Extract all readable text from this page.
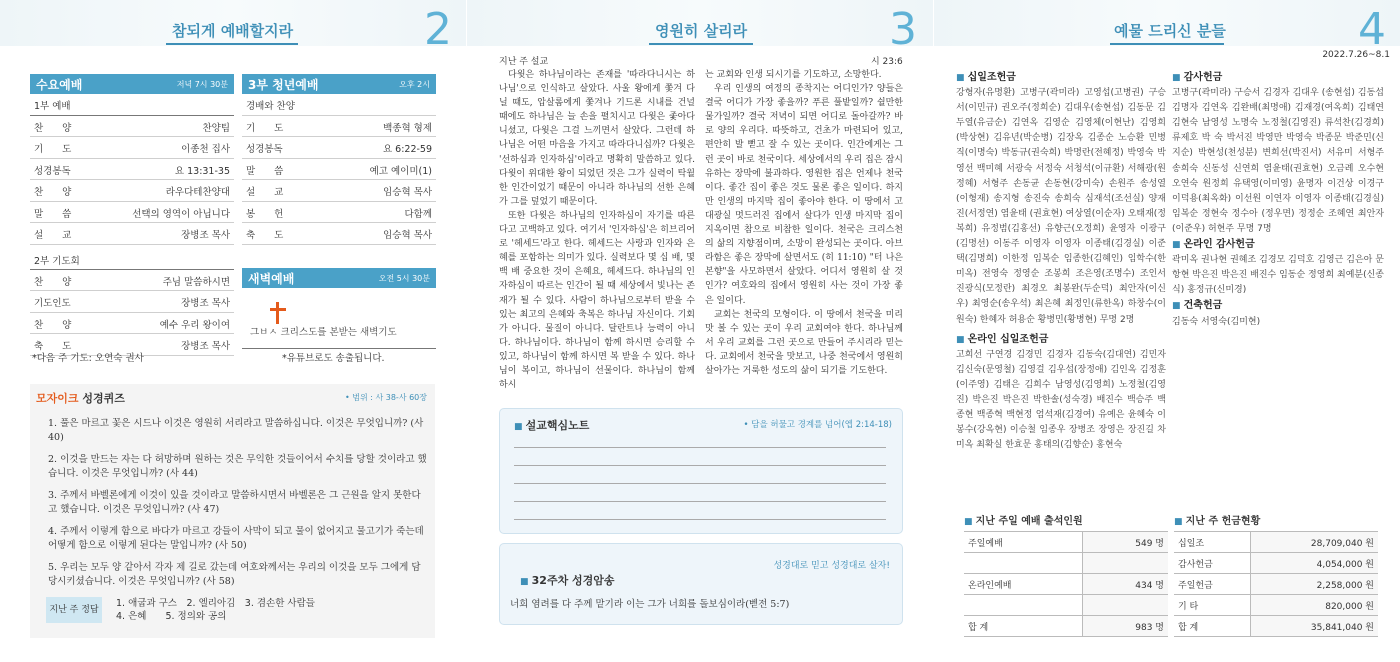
참되게 예배할지라	2
수요예배	저녁 7시 30분
1부 예배
찬　　양	찬양팀
기　　도	이종천 집사
성경봉독	요 13:31-35
찬　　양	라우다테찬양대
말　　씀	선택의 영역이 아닙니다
설　　교	장병조 목사
2부 기도회
찬　　양	주님 말씀하시면
기도인도	장병조 목사
찬　　양	예수 우리 왕이여
축　　도	장병조 목사
*다음 주 기도: 오연숙 권사
3부 청년예배	오후 2시
경배와 찬양
기　　도	백종혁 형제
성경봉독	요 6:22-59
말　　씀	예고 예이미(1)
설　　교	임승혁 목사
봉　　헌	다함께
축　　도	임승혁 목사
새벽예배	오전 5시 30분
그ㅂㅅ 크리스도를 본받는 새벽기도
*유튜브로도 송출됩니다.
모자이크 성경퀴즈	• 범위 : 사 38-사 60장
1. 풀은 마르고 꽃은 시드나 이것은 영원히 서리라고 말씀하십니다. 이것은 무엇입니까? (사 40)
2. 이것을 만드는 자는 다 허망하며 원하는 것은 무익한 것들이어서 수치를 당할 것이라고 했습니다. 이것은 무엇입니까? (사 44)
3. 주께서 바벨론에게 이것이 있을 것이라고 말씀하시면서 바벨론은 그 근원을 알지 못한다고 했습니다. 이것은 무엇입니까? (사 47)
4. 주께서 이렇게 함으로 바다가 마르고 강들이 사막이 되고 물이 없어지고 물고기가 죽는데 어떻게 함으로 이렇게 된다는 말입니까? (사 50)
5. 우리는 모두 양 같아서 각자 제 길로 갔는데 여호와께서는 우리의 이것을 모두 그에게 담당시키셨습니다. 이것은 무엇입니까? (사 58)
지난 주 정답
1. 애굽과 구스　2. 엘리아김　3. 겸손한 사람들
4. 은혜　　5. 정의와 공의
영원히 살리라	3
지난 주 설교	시 23:6

다윗은 하나님이라는 존재를 '따라다니시는 하나님'으로 인식하고 살았다. 사울 왕에게 쫓겨 다닐 때도, 압살롬에게 쫓겨나 기드론 시내를 건널 때에도 하나님은 늘 손을 펼치시고 다윗은 좇아다니셨고, 다윗은 그걸 느끼면서 살았다. 그런데 하나님은 어떤 마음을 가지고 따라다니십까? 다윗은 '선하심과 인자하심'이라고 명확히 말씀하고 있다. 다윗이 위대한 왕이 되었던 것은 그가 실력이 탁월한 인간이었기 때문이 아니라 하나님의 선한 은혜가 그를 덮었기 때문이다.

또한 다윗은 하나님의 인자하심이 자기를 따른다고 고백하고 있다. 여기서 '인자하심'은 히브리어로 '헤세드'라고 한다. 헤세드는 사랑과 인자와 은혜를 포함하는 의미가 있다. 실력보다 몇 십 배, 몇 백 배 중요한 것이 은혜요, 헤세드다. 하나님의 인자하심이 따르는 인간이 될 때 세상에서 빛나는 존재가 될 수 있다. 사람이 하나님으로부터 받을 수 있는 최고의 은혜와 축복은 하나님 자신이다. 기회가 아니다. 물질이 아니다. 달란트나 능력이 아니다. 하나님이다. 하나님이 함께 하시면 승리할 수 있고, 하나님이 함께 하시면 복 받을 수 있다. 하나님이 복이고, 하나님이 선물이다. 하나님이 함께 하시

는 교회와 인생 되시기를 기도하고, 소망한다.

우리 인생의 여정의 종착지는 어디인가? 양들은 결국 어디가 가장 좋을까? 푸른 풀밭일까? 쉴만한 물가일까? 결국 저녁이 되면 어디로 돌아갈까? 바로 양의 우리다. 따뜻하고, 건초가 마련되어 있고, 편안히 발 뻗고 잘 수 있는 곳이다. 인간에게는 그런 곳이 바로 천국이다. 세상에서의 우리 집은 잠시 유하는 장막에 불과하다. 영원한 집은 언제나 천국이다. 좋간 집이 좋은 것도 물론 좋은 일이다. 하지만 인생의 마지막 집이 좋아야 한다. 이 땅에서 고대광실 멋드러진 집에서 살다가 인생 마지막 집이 지옥이면 참으로 비참한 일이다. 천국은 크리스천의 삶의 지향점이며, 소망이 완성되는 곳이다. 아브라함은 좋은 장막에 살면서도 (히 11:10) "터 나은 본향"을 사모하면서 살았다. 어디서 영원히 살 것인가? 여호와의 집에서 영원히 사는 것이 가장 좋은 일이다.

교회는 천국의 모형이다. 이 땅에서 천국을 미리 맛 볼 수 있는 곳이 우리 교회여야 한다. 하나님께서 우리 교회를 그런 곳으로 만들어 주시리라 믿는다. 교회에서 천국을 맛보고, 나중 천국에서 영원히 살아가는 거룩한 성도의 삶이 되기를 기도한다.

■ 설교핵심노트	• 담을 허물고 경계를 넘어(엡 2:14-18)
성경대로 믿고 성경대로 살자!
■ 32주차 성경암송
너희 염려를 다 주께 맡기라 이는 그가 너희를 돌보심이라(벧전 5:7)
예물 드리신 분들	4
2022.7.26~8.1
■ 십일조헌금
강형자(유명환) 고병구(곽미라) 고영섭(고병권) 구승서(이민규) 권오주(정희순) 김대우(송현섭) 김동문 김두열(유금순) 김연옥 김영순 김영체(이현난) 김영희(박상현) 김유년(박순병) 김장옥 김종순 노승환 민병직(이명숙) 박동규(권숙희) 박명란(전혜정) 박영숙 박영선 백미혜 서광숙 서정숙 서청석(이규환) 서해광(원정혜) 서형주 손동균 손동현(강미숙) 손원주 송성열(이형재) 송지형 송진숙 송희숙 심재석(조선실) 양재진(서정연) 염윤태 (권효현) 여상열(이순자) 오태재(정복희) 유정범(김홍선) 유향근(오정희) 윤영자 이광구(김명선) 이동주 이영자 이영자 이종태(김경실) 이준택(김명희) 이한정 임복순 임종한(김혜인) 임학수(한미옥) 전영숙 정영순 조봉희 조은영(조명수) 조인서 진광식(모정란) 최경오 최봉완(두순덕) 최안자(이신우) 최영순(송우석) 최은혜 최정인(류한옥) 하창수(이원숙) 한혜자 허용순 황병민(황병현) 무명 2명
■ 온라인 십일조헌금
고희선 구연경 김경민 김경자 김동숙(김대연) 김민자 김신숙(문영철) 김영걸 김우섭(장정애) 김인옥 김정훈(이주영) 김태은 김희수 남영성(김영희) 노정철(김영진) 박은진 박은진 박한솔(성숙경) 배진수 백승주 백종현 백종혁 백현정 엄석재(김경여) 유예은 윤혜숙 이봉수(강옥현) 이승철 임종우 장병조 장영은 장진길 차미옥 최확실 한효문 홍태의(김향순) 홍현숙
■ 감사헌금
고병구(곽미라) 구승서 김경자 김대우 (송현섭) 김동섭 김명자 김연옥 김완배(최명애) 김재경(여옥희) 김태연 김현숙 남영성 노명숙 노정철(김영진) 류석찬(김경희) 류제호 박 숙 박서진 박영만 박영숙 박종문 박준민(신지순) 박현성(천성분) 변희선(박진서) 서유미 서형주 송희숙 신동성 신연희 염윤태(권효현) 오금례 오수현 오연숙 원정희 유택영(이미영) 윤명자 이건상 이경구 이덕용(최옥화) 이선원 이연자 이영자 이종태(김경실) 임복순 정현숙 정수아 (정우면) 정정순 조혜연 최안자(이준우) 허현주 무명 7명
■ 온라인 감사헌금
곽미옥 권나현 권혜조 김경모 김덕호 김영근 김은아 문항현 박은진 박은진 배진수 임동순 정영희 최예분(신종식) 홍정규(신미경)
■ 건축헌금
김동숙 서영숙(김미현)
■ 지난 주일 예배 출석인원
주일예배	549 명

온라인예배	434 명

합 계	983 명
■ 지난 주 헌금현황
십일조	28,709,040 원
감사헌금	4,054,000 원
주일헌금	2,258,000 원
기 타	820,000 원
합 계	35,841,040 원
